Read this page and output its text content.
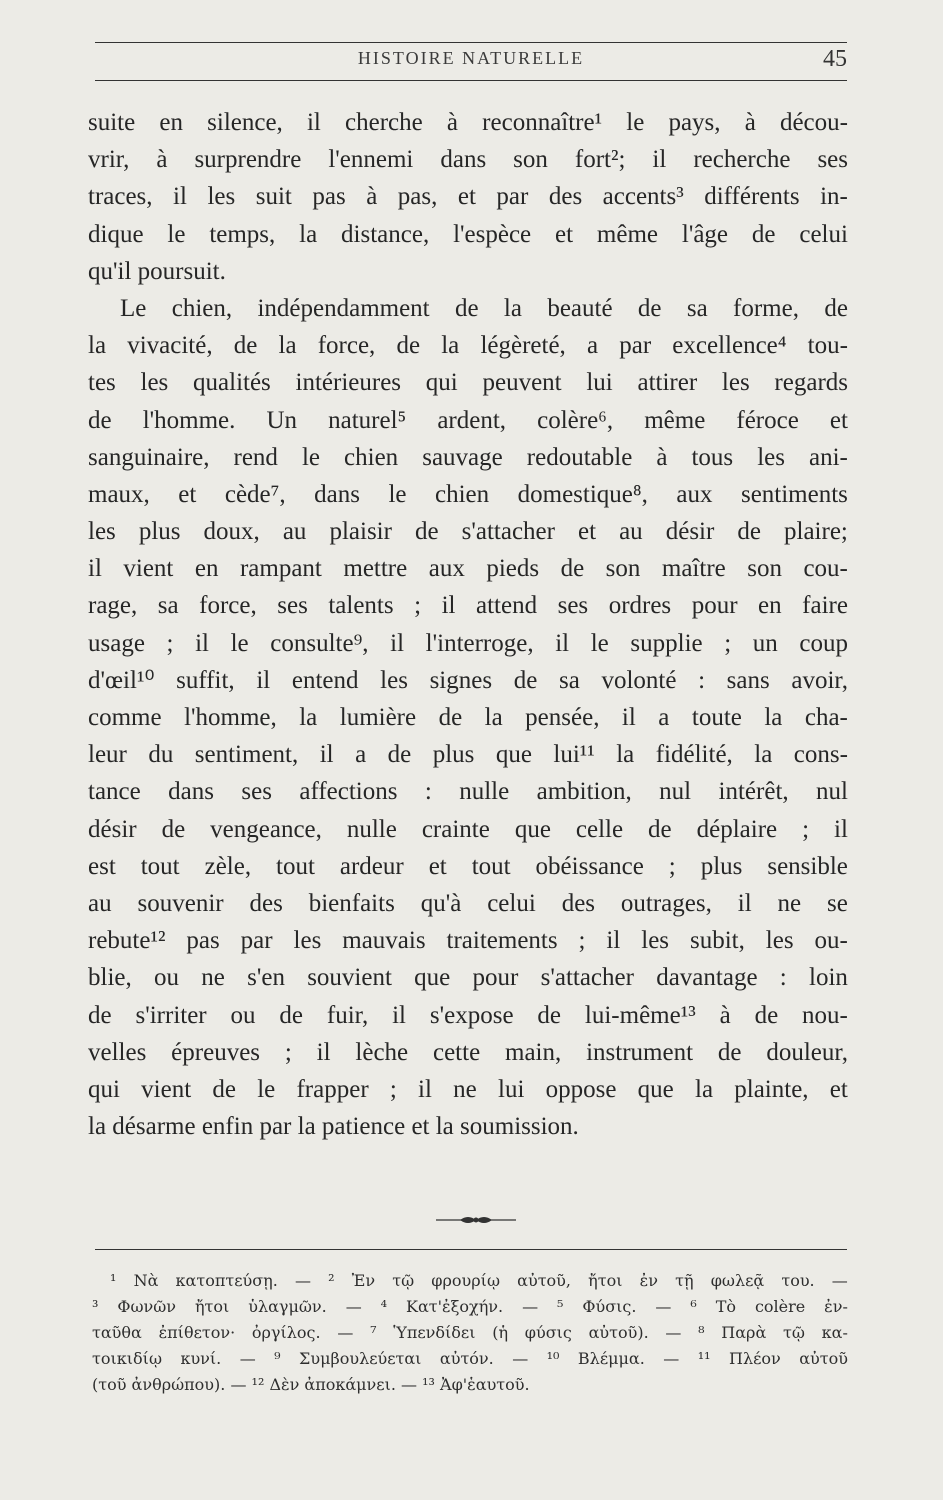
HISTOIRE NATURELLE	45
suite en silence, il cherche à reconnaître¹ le pays, à décou-
vrir, à surprendre l'ennemi dans son fort²; il recherche ses
traces, il les suit pas à pas, et par des accents³ différents in-
dique le temps, la distance, l'espèce et même l'âge de celui
qu'il poursuit.
Le chien, indépendamment de la beauté de sa forme, de
la vivacité, de la force, de la légèreté, a par excellence⁴ tou-
tes les qualités intérieures qui peuvent lui attirer les regards
de l'homme. Un naturel⁵ ardent, colère⁶, même féroce et
sanguinaire, rend le chien sauvage redoutable à tous les ani-
maux, et cède⁷, dans le chien domestique⁸, aux sentiments
les plus doux, au plaisir de s'attacher et au désir de plaire;
il vient en rampant mettre aux pieds de son maître son cou-
rage, sa force, ses talents ; il attend ses ordres pour en faire
usage ; il le consulte⁹, il l'interroge, il le supplie ; un coup
d'œil¹⁰ suffit, il entend les signes de sa volonté : sans avoir,
comme l'homme, la lumière de la pensée, il a toute la cha-
leur du sentiment, il a de plus que lui¹¹ la fidélité, la cons-
tance dans ses affections : nulle ambition, nul intérêt, nul
désir de vengeance, nulle crainte que celle de déplaire ; il
est tout zèle, tout ardeur et tout obéissance ; plus sensible
au souvenir des bienfaits qu'à celui des outrages, il ne se
rebute¹² pas par les mauvais traitements ; il les subit, les ou-
blie, ou ne s'en souvient que pour s'attacher davantage : loin
de s'irriter ou de fuir, il s'expose de lui-même¹³ à de nou-
velles épreuves ; il lèche cette main, instrument de douleur,
qui vient de le frapper ; il ne lui oppose que la plainte, et
la désarme enfin par la patience et la soumission.
¹ Νὰ κατοπτεύσῃ. — ² Ἐν τῷ φρουρίῳ αὐτοῦ, ἤτοι ἐν τῇ φωλεᾷ του. —
³ Φωνῶν ἤτοι ὑλαγμῶν. — ⁴ Κατ'ἐξοχήν. — ⁵ Φύσις. — ⁶ Τὸ colère ἐν-
ταῦθα ἐπίθετον· ὀργίλος. — ⁷ Ὑπενδίδει (ἡ φύσις αὐτοῦ). — ⁸ Παρὰ τῷ κα-
τοικιδίῳ κυνί. — ⁹ Συμβουλεύεται αὐτόν. — ¹⁰ Βλέμμα. — ¹¹ Πλέον αὐτοῦ
(τοῦ ἀνθρώπου). — ¹² Δὲν ἀποκάμνει. — ¹³ Ἀφ'ἑαυτοῦ.
